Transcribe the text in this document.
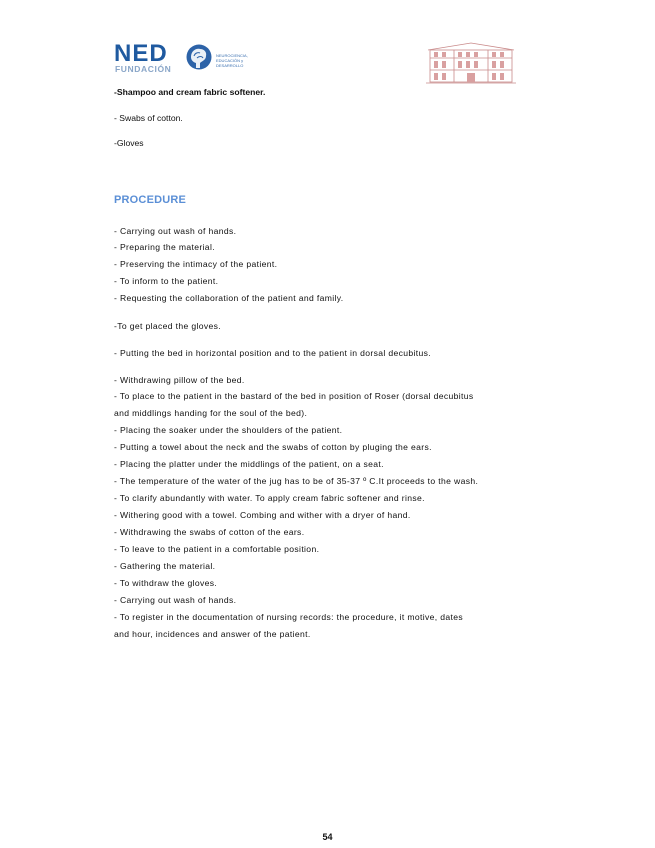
NED
FUNDACIÓN
NEUROCIENCIA,
EDUCACIÓN y
DESARROLLO
-Shampoo and cream fabric softener.
- Swabs of cotton.
-Gloves
PROCEDURE
- Carrying out wash of hands.
- Preparing the material.
- Preserving the intimacy of the patient.
- To inform to the patient.
- Requesting the collaboration of the patient and family.
-To get placed the gloves.
- Putting the bed in horizontal position and to the patient in dorsal decubitus.
- Withdrawing pillow of the bed.
- To place to the patient in the bastard of the bed in position of Roser (dorsal decubitus
and middlings handing for the soul of the bed).
- Placing the soaker under the shoulders of the patient.
- Putting a towel about the neck and the swabs of cotton by pluging the ears.
- Placing the platter under the middlings of the patient, on a seat.
- The temperature of the water of the jug has to be of 35-37 º C.It proceeds to the wash.
- To clarify abundantly with water. To apply cream fabric softener and rinse.
- Withering good with a towel. Combing and wither with a dryer of hand.
- Withdrawing the swabs of cotton of the ears.
- To leave to the patient in a comfortable position.
- Gathering the material.
- To withdraw the gloves.
- Carrying out wash of hands.
- To register in the documentation of nursing records: the procedure, it motive, dates
and hour, incidences and answer of the patient.
54
